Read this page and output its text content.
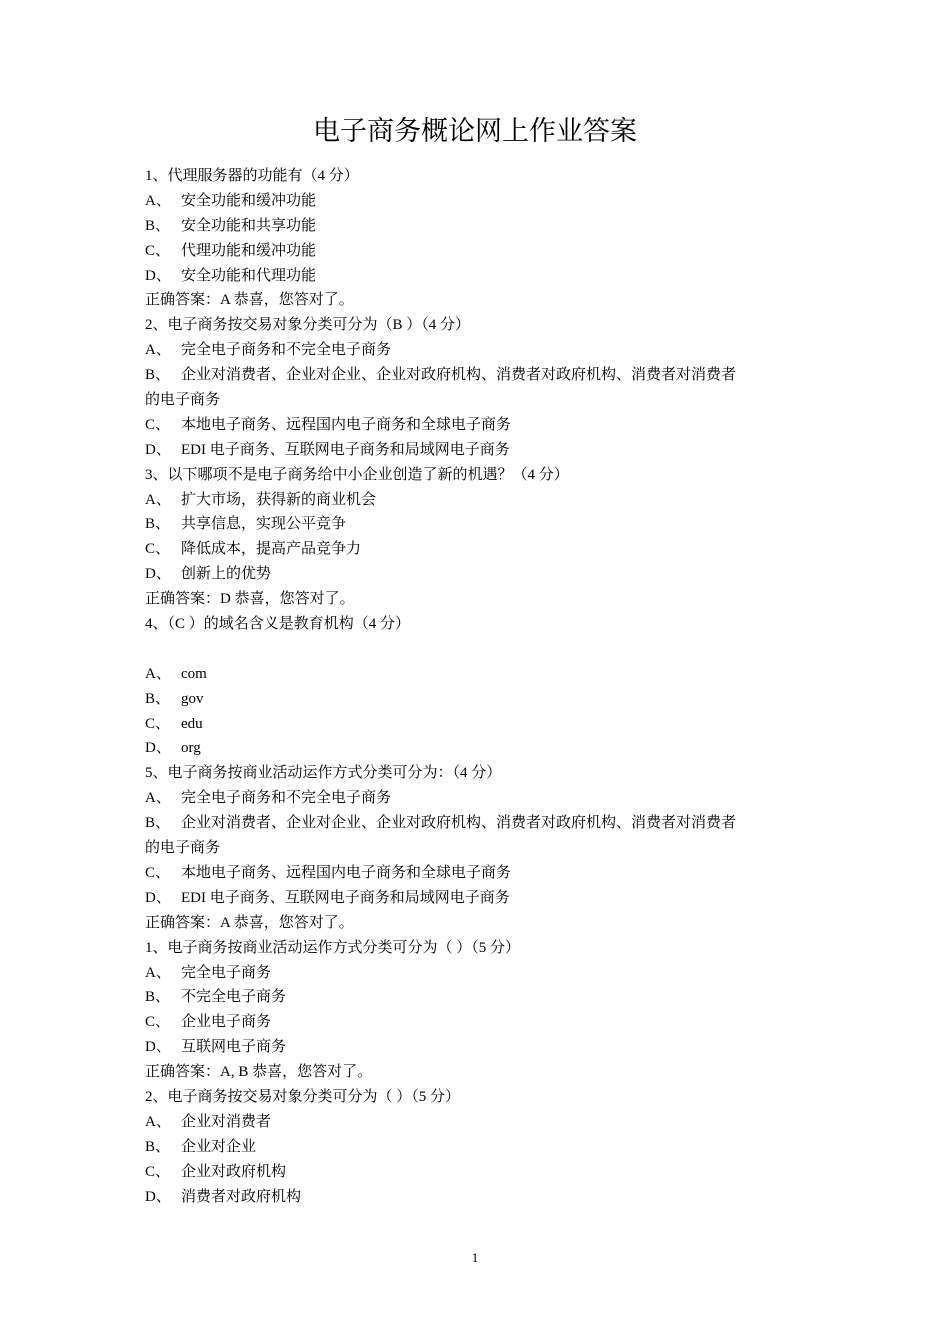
电子商务概论网上作业答案
1、代理服务器的功能有（4 分）
A、 安全功能和缓冲功能
B、 安全功能和共享功能
C、 代理功能和缓冲功能
D、 安全功能和代理功能
正确答案：A 恭喜，您答对了。
2、电子商务按交易对象分类可分为（B ）（4 分）
A、 完全电子商务和不完全电子商务
B、 企业对消费者、企业对企业、企业对政府机构、消费者对政府机构、消费者对消费者
的电子商务
C、 本地电子商务、远程国内电子商务和全球电子商务
D、 EDI 电子商务、互联网电子商务和局域网电子商务
3、以下哪项不是电子商务给中小企业创造了新的机遇？（4 分）
A、 扩大市场，获得新的商业机会
B、 共享信息，实现公平竞争
C、 降低成本，提高产品竞争力
D、 创新上的优势
正确答案：D 恭喜，您答对了。
4、（C ）的域名含义是教育机构（4 分）
A、 com
B、 gov
C、 edu
D、 org
5、电子商务按商业活动运作方式分类可分为：（4 分）
A、 完全电子商务和不完全电子商务
B、 企业对消费者、企业对企业、企业对政府机构、消费者对政府机构、消费者对消费者
的电子商务
C、 本地电子商务、远程国内电子商务和全球电子商务
D、 EDI 电子商务、互联网电子商务和局域网电子商务
正确答案：A 恭喜，您答对了。
1、电子商务按商业活动运作方式分类可分为（ ）（5 分）
A、 完全电子商务
B、 不完全电子商务
C、 企业电子商务
D、 互联网电子商务
正确答案：A, B 恭喜，您答对了。
2、电子商务按交易对象分类可分为（ ）（5 分）
A、 企业对消费者
B、 企业对企业
C、 企业对政府机构
D、 消费者对政府机构
1
